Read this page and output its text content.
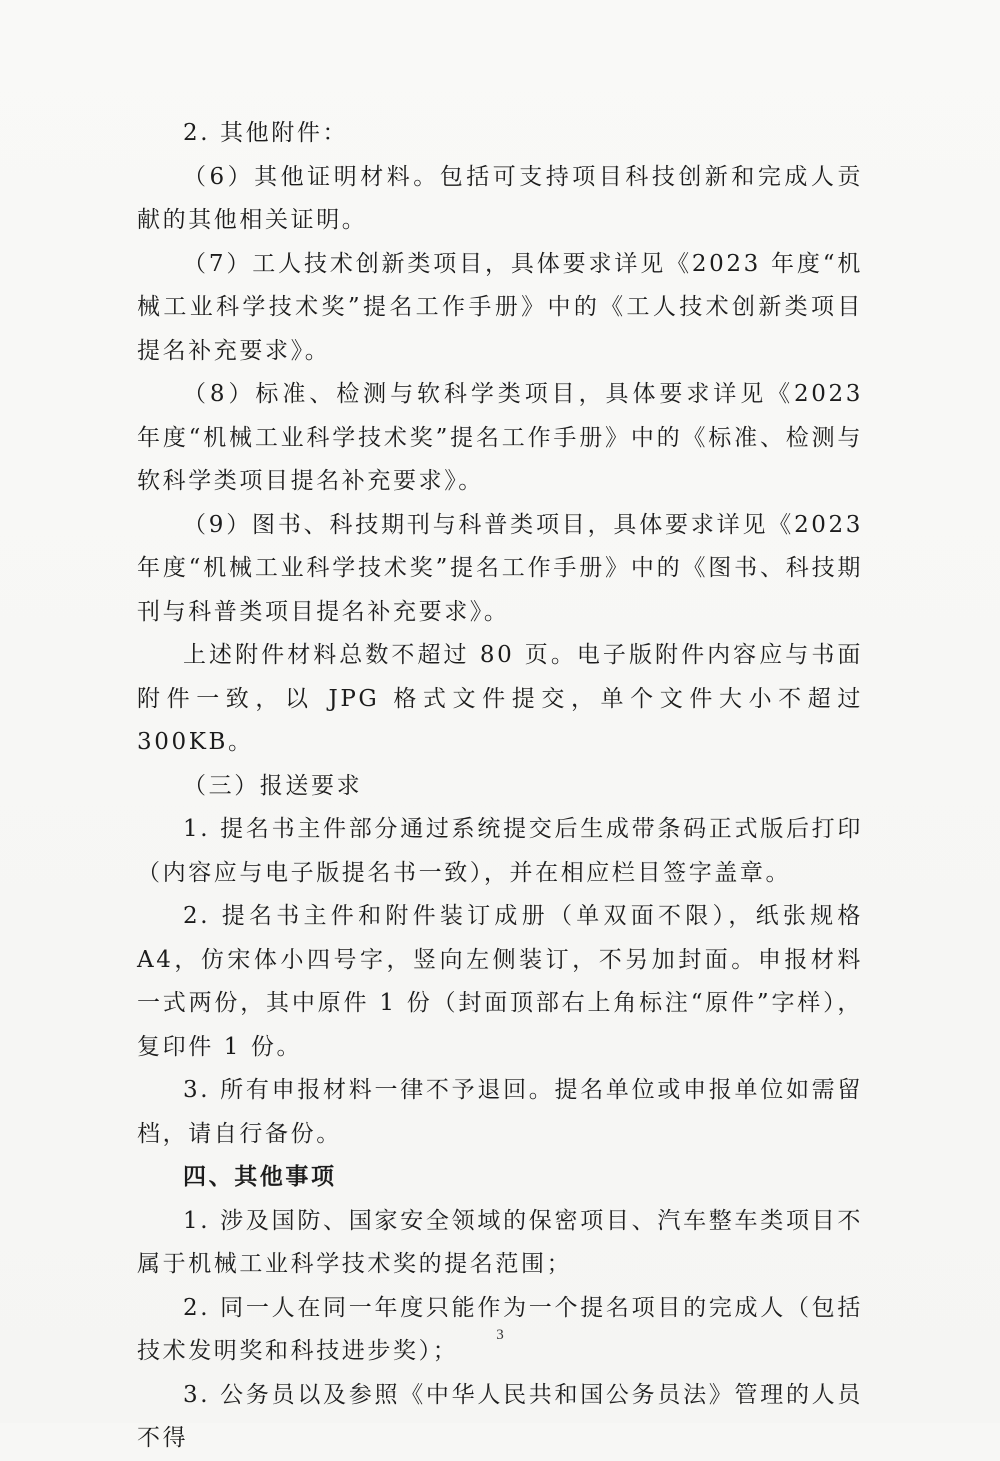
2. 其他附件：

（6）其他证明材料。包括可支持项目科技创新和完成人贡献的其他相关证明。

（7）工人技术创新类项目，具体要求详见《2023 年度“机械工业科学技术奖”提名工作手册》中的《工人技术创新类项目提名补充要求》。

（8）标准、检测与软科学类项目，具体要求详见《2023 年度“机械工业科学技术奖”提名工作手册》中的《标准、检测与软科学类项目提名补充要求》。

（9）图书、科技期刊与科普类项目，具体要求详见《2023 年度“机械工业科学技术奖”提名工作手册》中的《图书、科技期刊与科普类项目提名补充要求》。

上述附件材料总数不超过 80 页。电子版附件内容应与书面附件一致，以 JPG 格式文件提交，单个文件大小不超过 300KB。

（三）报送要求

1. 提名书主件部分通过系统提交后生成带条码正式版后打印（内容应与电子版提名书一致），并在相应栏目签字盖章。

2. 提名书主件和附件装订成册（单双面不限），纸张规格 A4，仿宋体小四号字，竖向左侧装订，不另加封面。申报材料一式两份，其中原件 1 份（封面顶部右上角标注“原件”字样），复印件 1 份。

3. 所有申报材料一律不予退回。提名单位或申报单位如需留档，请自行备份。

四、其他事项

1. 涉及国防、国家安全领域的保密项目、汽车整车类项目不属于机械工业科学技术奖的提名范围；

2. 同一人在同一年度只能作为一个提名项目的完成人（包括技术发明奖和科技进步奖）；

3. 公务员以及参照《中华人民共和国公务员法》管理的人员不得

3
